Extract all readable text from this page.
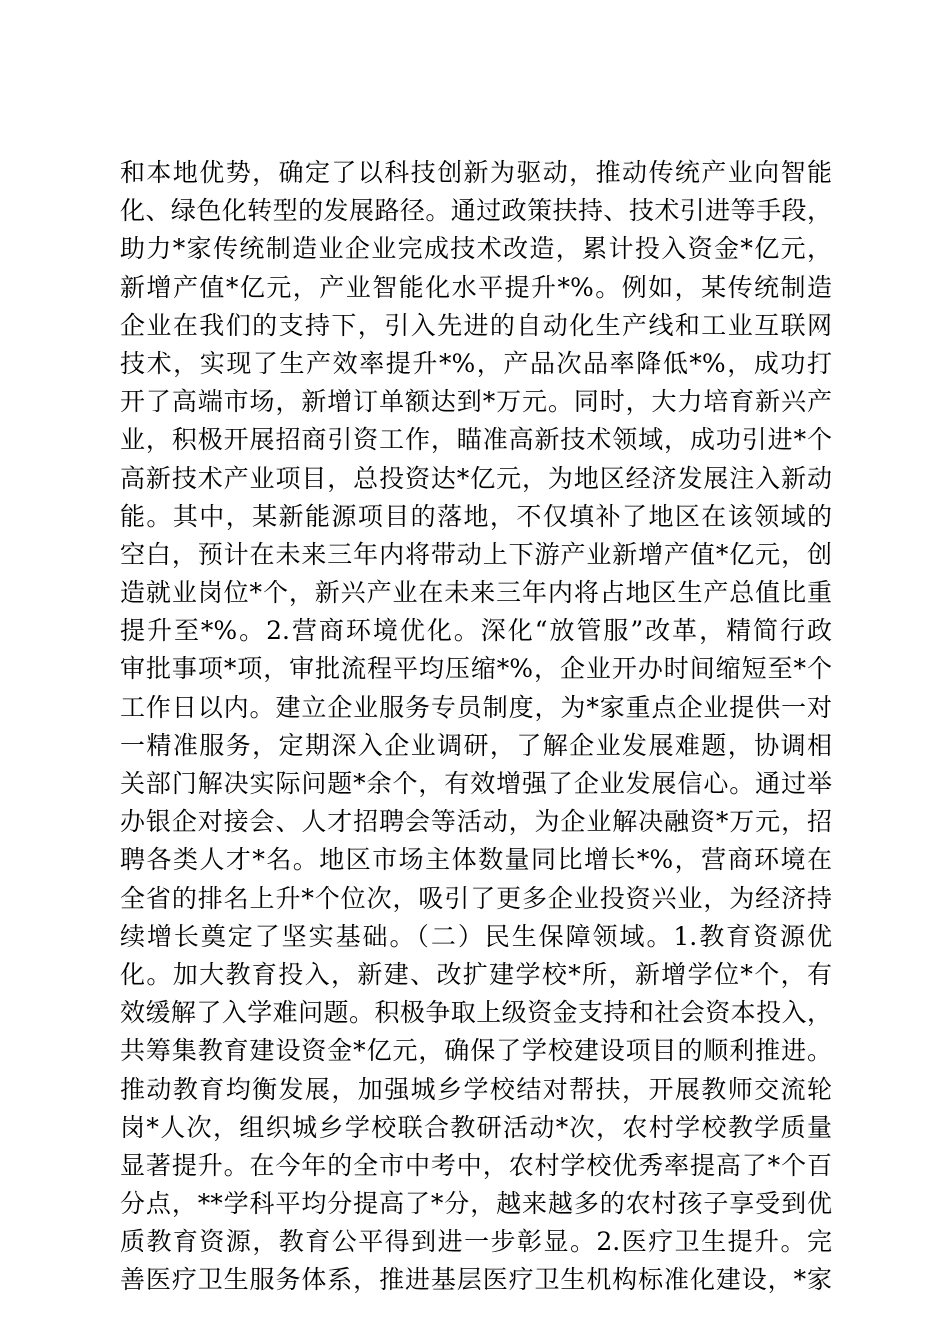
和本地优势，确定了以科技创新为驱动，推动传统产业向智能
化、绿色化转型的发展路径。通过政策扶持、技术引进等手段，
助力*家传统制造业企业完成技术改造，累计投入资金*亿元，
新增产值*亿元，产业智能化水平提升*%。例如，某传统制造
企业在我们的支持下，引入先进的自动化生产线和工业互联网
技术，实现了生产效率提升*%，产品次品率降低*%，成功打
开了高端市场，新增订单额达到*万元。同时，大力培育新兴产
业，积极开展招商引资工作，瞄准高新技术领域，成功引进*个
高新技术产业项目，总投资达*亿元，为地区经济发展注入新动
能。其中，某新能源项目的落地，不仅填补了地区在该领域的
空白，预计在未来三年内将带动上下游产业新增产值*亿元，创
造就业岗位*个，新兴产业在未来三年内将占地区生产总值比重
提升至*%。2.营商环境优化。深化“放管服”改革，精简行政
审批事项*项，审批流程平均压缩*%，企业开办时间缩短至*个
工作日以内。建立企业服务专员制度，为*家重点企业提供一对
一精准服务，定期深入企业调研，了解企业发展难题，协调相
关部门解决实际问题*余个，有效增强了企业发展信心。通过举
办银企对接会、人才招聘会等活动，为企业解决融资*万元，招
聘各类人才*名。地区市场主体数量同比增长*%，营商环境在
全省的排名上升*个位次，吸引了更多企业投资兴业，为经济持
续增长奠定了坚实基础。（二）民生保障领域。1.教育资源优
化。加大教育投入，新建、改扩建学校*所，新增学位*个，有
效缓解了入学难问题。积极争取上级资金支持和社会资本投入，
共筹集教育建设资金*亿元，确保了学校建设项目的顺利推进。
推动教育均衡发展，加强城乡学校结对帮扶，开展教师交流轮
岗*人次，组织城乡学校联合教研活动*次，农村学校教学质量
显著提升。在今年的全市中考中，农村学校优秀率提高了*个百
分点，**学科平均分提高了*分，越来越多的农村孩子享受到优
质教育资源，教育公平得到进一步彰显。2.医疗卫生提升。完
善医疗卫生服务体系，推进基层医疗卫生机构标准化建设，*家
